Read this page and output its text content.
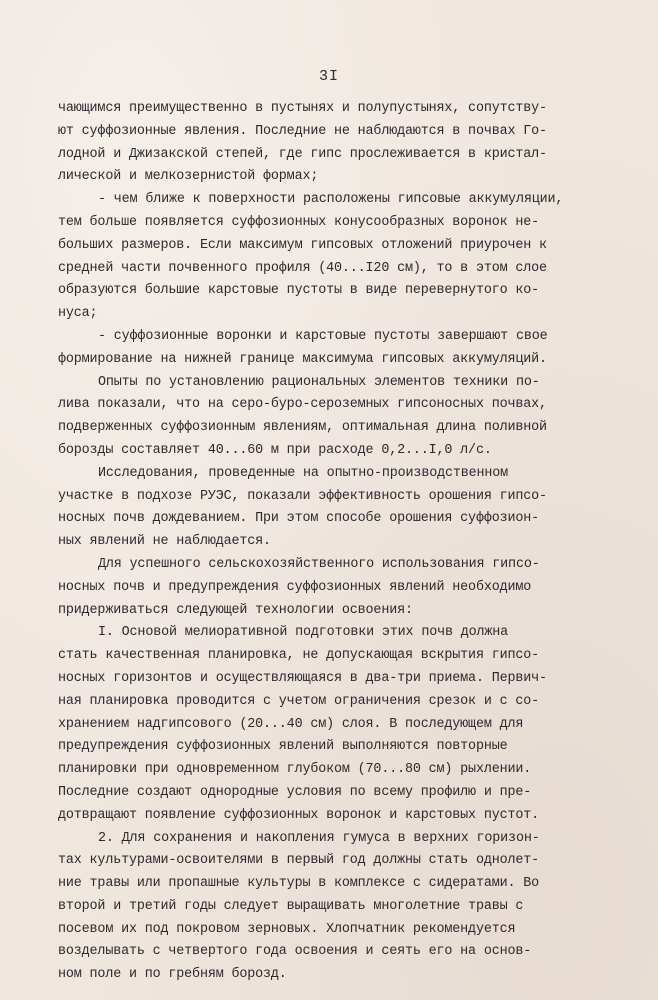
3I
чающимся преимущественно в пустынях и полупустынях, сопутству-
ют суффозионные явления. Последние не наблюдаются в почвах Го-
лодной и Джизакской степей, где гипс прослеживается в кристал-
лической и мелкозернистой формах;
- чем ближе к поверхности расположены гипсовые аккумуляции,
тем больше появляется суффозионных конусообразных воронок не-
больших размеров. Если максимум гипсовых отложений приурочен к
средней части почвенного профиля (40...I20 см), то в этом слое
образуются большие карстовые пустоты в виде перевернутого ко-
нуса;
- суффозионные воронки и карстовые пустоты завершают свое
формирование на нижней границе максимума гипсовых аккумуляций.
Опыты по установлению рациональных элементов техники по-
лива показали, что на серо-буро-сероземных гипсоносных почвах,
подверженных суффозионным явлениям, оптимальная длина поливной
борозды составляет 40...60 м при расходе 0,2...I,0 л/с.
Исследования, проведенные на опытно-производственном
участке в подхозе РУЭС, показали эффективность орошения гипсо-
носных почв дождеванием. При этом способе орошения суффозион-
ных явлений не наблюдается.
Для успешного сельскохозяйственного использования гипсо-
носных почв и предупреждения суффозионных явлений необходимо
придерживаться следующей технологии освоения:
I. Основой мелиоративной подготовки этих почв должна
стать качественная планировка, не допускающая вскрытия гипсо-
носных горизонтов и осуществляющаяся в два-три приема. Первич-
ная планировка проводится с учетом ограничения срезок и с со-
хранением надгипсового (20...40 см) слоя. В последующем для
предупреждения суффозионных явлений выполняются повторные
планировки при одновременном глубоком (70...80 см) рыхлении.
Последние создают однородные условия по всему профилю и пре-
дотвращают появление суффозионных воронок и карстовых пустот.
2. Для сохранения и накопления гумуса в верхних горизон-
тах культурами-освоителями в первый год должны стать однолет-
ние травы или пропашные культуры в комплексе с сидератами. Во
второй и третий годы следует выращивать многолетние травы с
посевом их под покровом зерновых. Хлопчатник рекомендуется
возделывать с четвертого года освоения и сеять его на основ-
ном поле и по гребням борозд.
